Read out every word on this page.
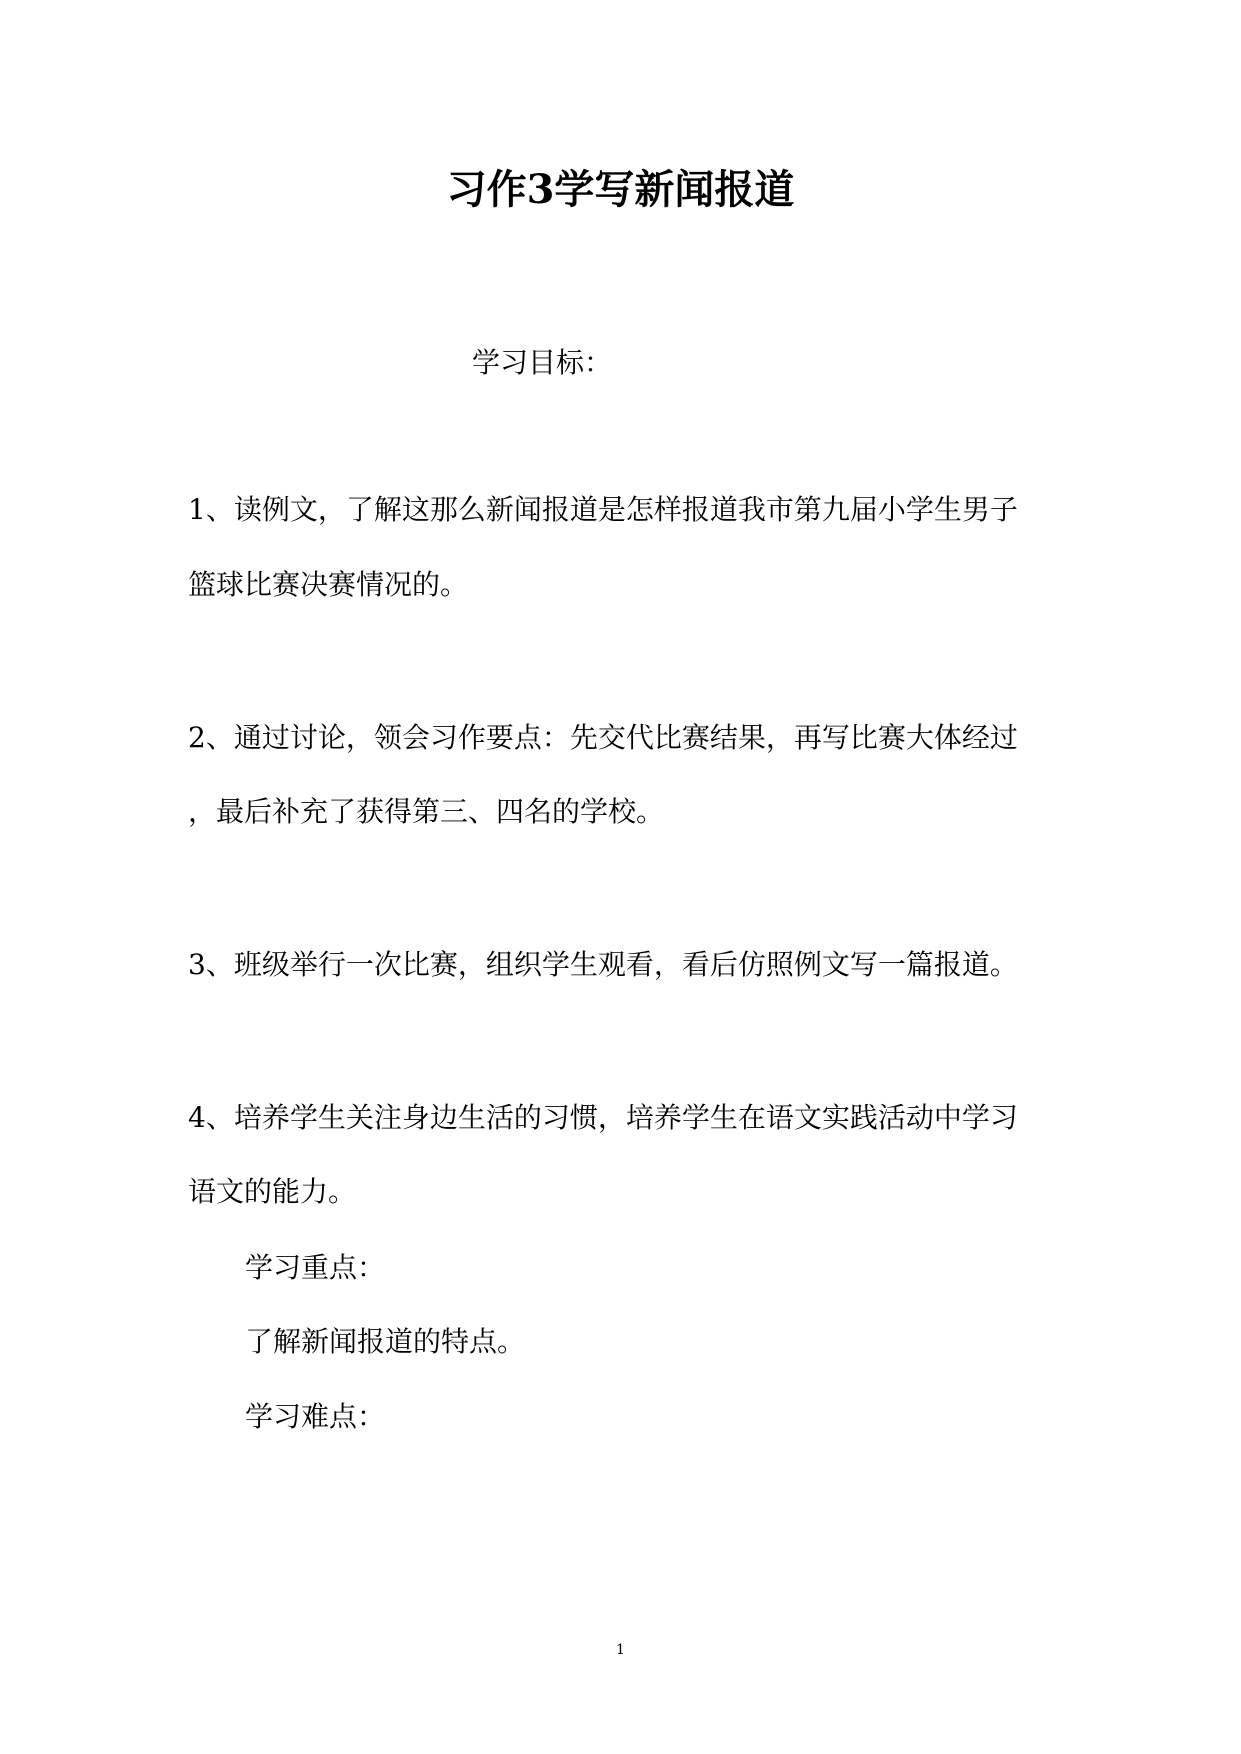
习作3学写新闻报道

学习目标：

1、读例文，了解这那么新闻报道是怎样报道我市第九届小学生男子

篮球比赛决赛情况的。

2、通过讨论，领会习作要点：先交代比赛结果，再写比赛大体经过

，最后补充了获得第三、四名的学校。

3、班级举行一次比赛，组织学生观看，看后仿照例文写一篇报道。

4、培养学生关注身边生活的习惯，培养学生在语文实践活动中学习

语文的能力。

学习重点：

了解新闻报道的特点。

学习难点：

1
